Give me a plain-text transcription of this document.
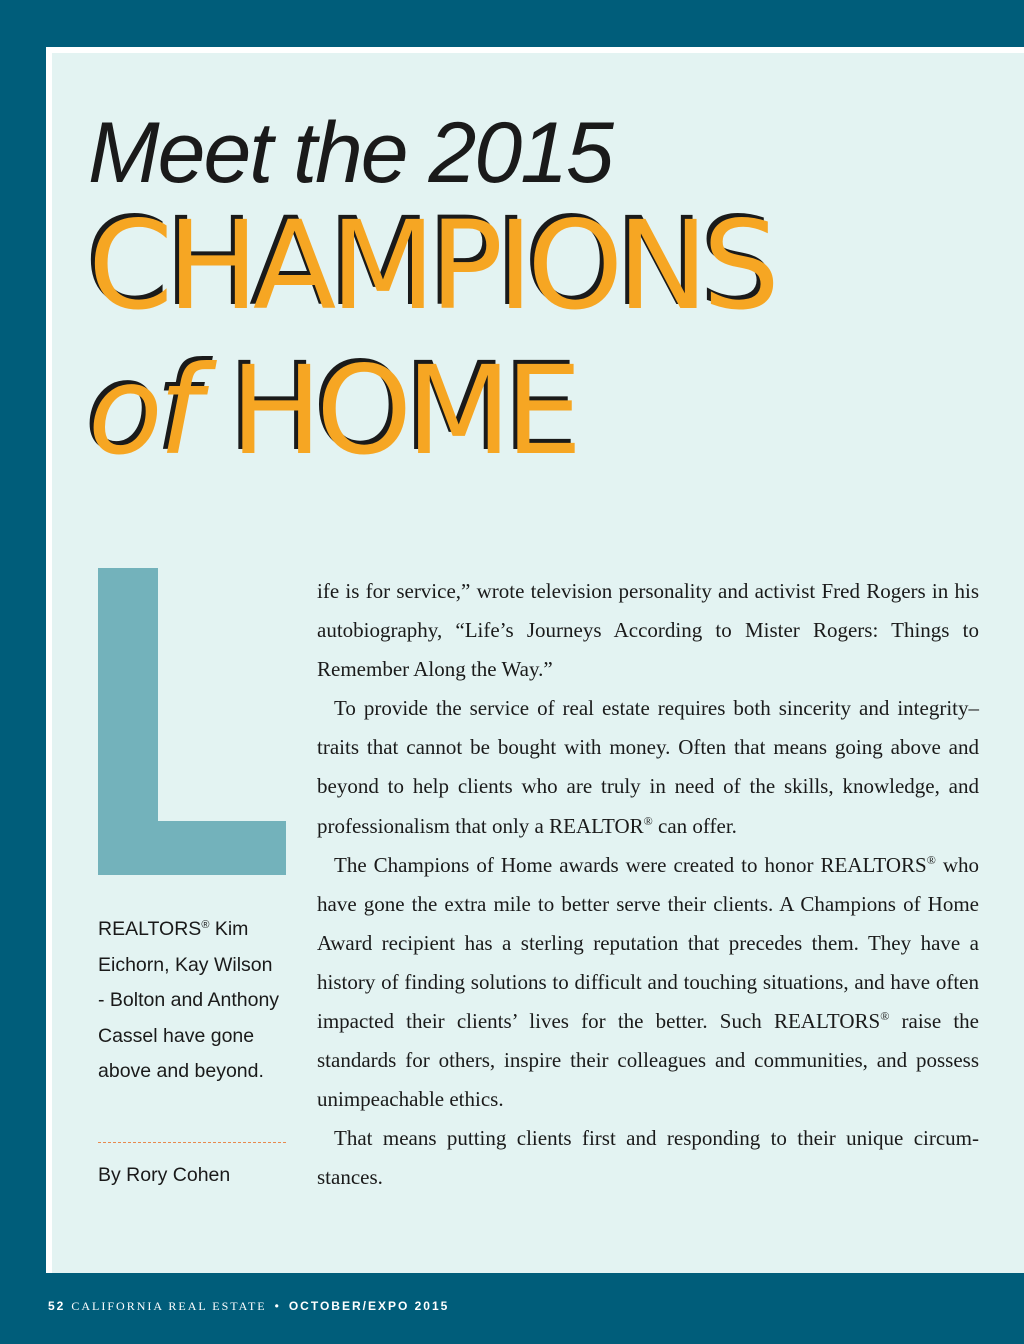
Meet the 2015
CHAMPIONS
of HOME

REALTORS® Kim Eichorn, Kay Wilson - Bolton and Anthony Cassel have gone above and beyond.

By Rory Cohen

ife is for service,” wrote television personality and activist Fred Rogers in his autobiography, “Life’s Journeys According to Mister Rogers: Things to Remember Along the Way.”

To provide the service of real estate requires both sincerity and integrity– traits that cannot be bought with money. Often that means going above and beyond to help clients who are truly in need of the skills, knowledge, and professionalism that only a REALTOR® can offer.

The Champions of Home awards were created to honor REALTORS® who have gone the extra mile to better serve their clients. A Champions of Home Award recipient has a sterling reputation that precedes them. They have a history of finding solutions to difficult and touching situations, and have often impacted their clients’ lives for the better. Such REALTORS® raise the standards for others, inspire their colleagues and communities, and possess unimpeachable ethics.

That means putting clients first and responding to their unique circum- stances.

52 CALIFORNIA REAL ESTATE • OCTOBER/EXPO 2015
